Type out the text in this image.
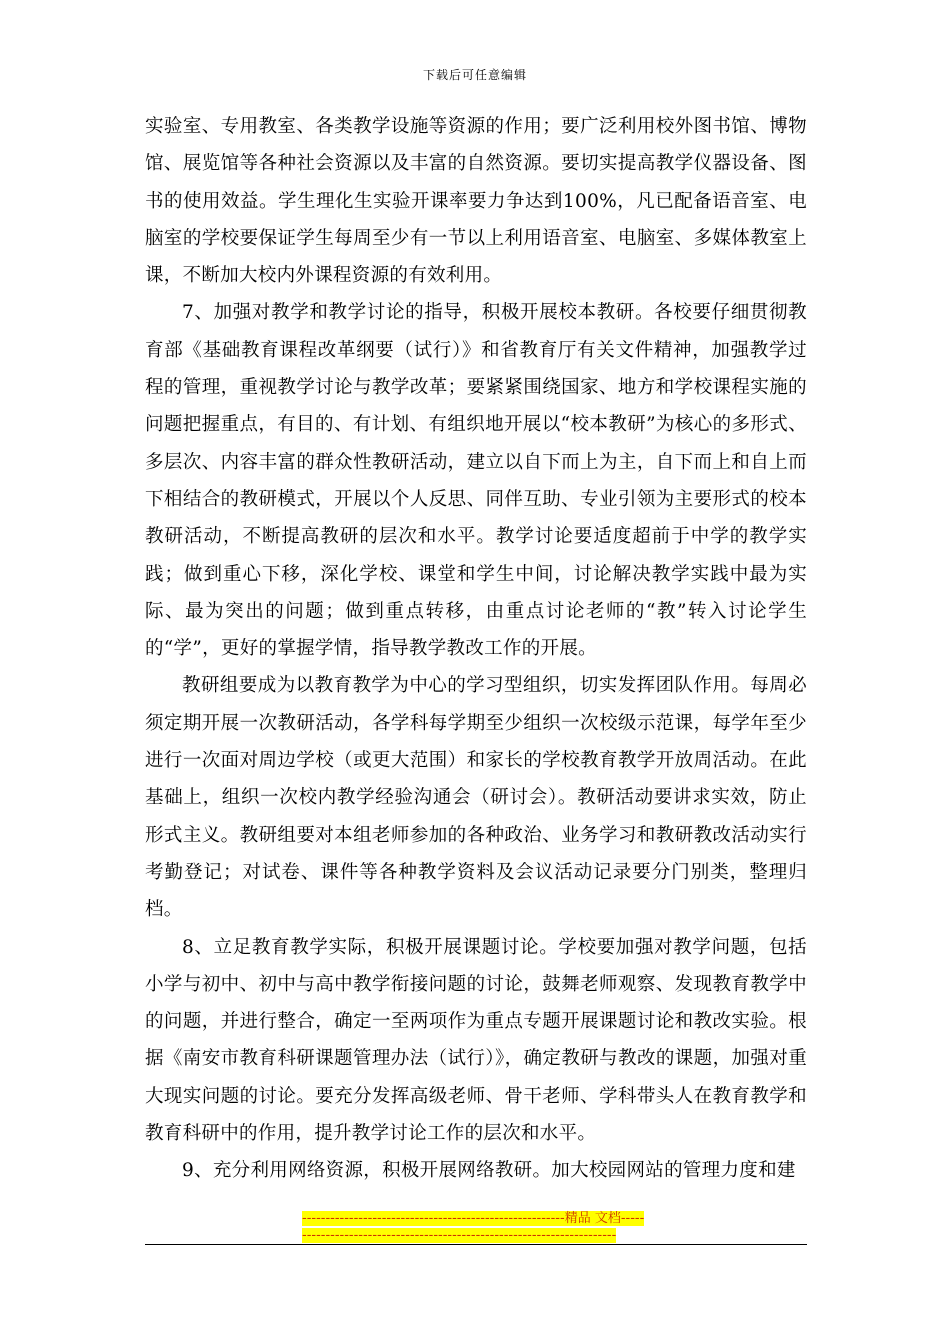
下载后可任意编辑

实验室、专用教室、各类教学设施等资源的作用；要广泛利用校外图书馆、博物馆、展览馆等各种社会资源以及丰富的自然资源。要切实提高教学仪器设备、图书的使用效益。学生理化生实验开课率要力争达到100%，凡已配备语音室、电脑室的学校要保证学生每周至少有一节以上利用语音室、电脑室、多媒体教室上课，不断加大校内外课程资源的有效利用。

7、加强对教学和教学讨论的指导，积极开展校本教研。各校要仔细贯彻教育部《基础教育课程改革纲要（试行）》和省教育厅有关文件精神，加强教学过程的管理，重视教学讨论与教学改革；要紧紧围绕国家、地方和学校课程实施的问题把握重点，有目的、有计划、有组织地开展以“校本教研”为核心的多形式、多层次、内容丰富的群众性教研活动，建立以自下而上为主，自下而上和自上而下相结合的教研模式，开展以个人反思、同伴互助、专业引领为主要形式的校本教研活动，不断提高教研的层次和水平。教学讨论要适度超前于中学的教学实践；做到重心下移，深化学校、课堂和学生中间，讨论解决教学实践中最为实际、最为突出的问题；做到重点转移，由重点讨论老师的“教”转入讨论学生的“学”，更好的掌握学情，指导教学教改工作的开展。

教研组要成为以教育教学为中心的学习型组织，切实发挥团队作用。每周必须定期开展一次教研活动，各学科每学期至少组织一次校级示范课，每学年至少进行一次面对周边学校（或更大范围）和家长的学校教育教学开放周活动。在此基础上，组织一次校内教学经验沟通会（研讨会）。教研活动要讲求实效，防止形式主义。教研组要对本组老师参加的各种政治、业务学习和教研教改活动实行考勤登记；对试卷、课件等各种教学资料及会议活动记录要分门别类，整理归档。

8、立足教育教学实际，积极开展课题讨论。学校要加强对教学问题，包括小学与初中、初中与高中教学衔接问题的讨论，鼓舞老师观察、发现教育教学中的问题，并进行整合，确定一至两项作为重点专题开展课题讨论和教改实验。根据《南安市教育科研课题管理办法（试行）》，确定教研与教改的课题，加强对重大现实问题的讨论。要充分发挥高级老师、骨干老师、学科带头人在教育教学和教育科研中的作用，提升教学讨论工作的层次和水平。

9、充分利用网络资源，积极开展网络教研。加大校园网站的管理力度和建

--------------------------------------------------------精品 文档------------------------------------------------------------------------
